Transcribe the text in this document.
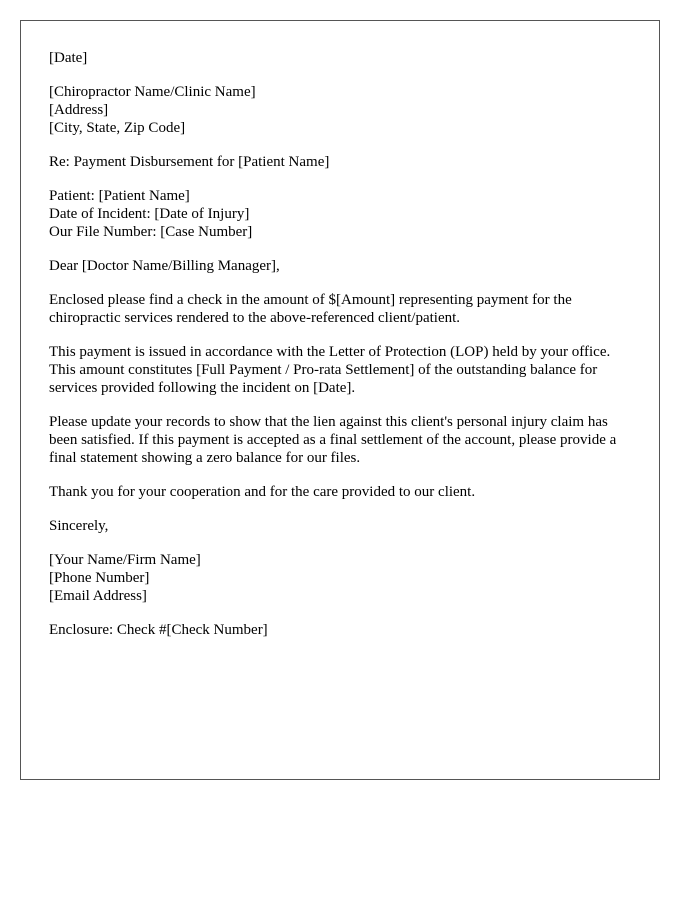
[Date]
[Chiropractor Name/Clinic Name]
[Address]
[City, State, Zip Code]
Re: Payment Disbursement for [Patient Name]
Patient: [Patient Name]
Date of Incident: [Date of Injury]
Our File Number: [Case Number]
Dear [Doctor Name/Billing Manager],
Enclosed please find a check in the amount of $[Amount] representing payment for the chiropractic services rendered to the above-referenced client/patient.
This payment is issued in accordance with the Letter of Protection (LOP) held by your office. This amount constitutes [Full Payment / Pro-rata Settlement] of the outstanding balance for services provided following the incident on [Date].
Please update your records to show that the lien against this client's personal injury claim has been satisfied. If this payment is accepted as a final settlement of the account, please provide a final statement showing a zero balance for our files.
Thank you for your cooperation and for the care provided to our client.
Sincerely,
[Your Name/Firm Name]
[Phone Number]
[Email Address]
Enclosure: Check #[Check Number]
